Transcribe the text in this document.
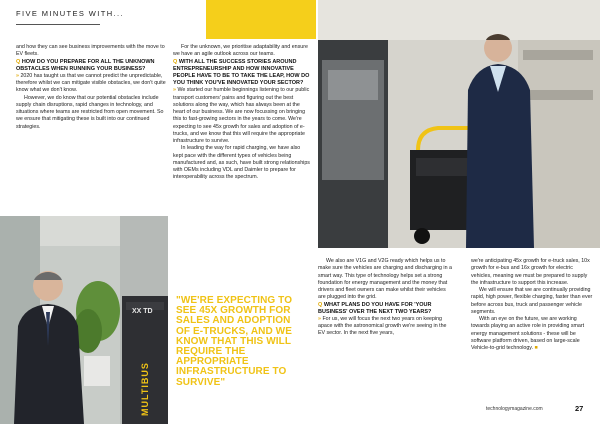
FIVE MINUTES WITH...

and how they can see business improvements with the move to EV fleets.

Q HOW DO YOU PREPARE FOR ALL THE UNKNOWN OBSTACLES WHEN RUNNING YOUR BUSINESS?

» 2020 has taught us that we cannot predict the unpredictable, therefore whilst we can mitigate visible obstacles, we don't quite know what we don't know.

However, we do know that our potential obstacles include supply chain disruptions, rapid changes in technology, and situations where teams are restricted from open movement. So we ensure that mitigating these is built into our continued strategies.

XX TD
MULTIBUS

For the unknown, we prioritise adaptability and ensure we have an agile outlook across our teams.

Q WITH ALL THE SUCCESS STORIES AROUND ENTREPRENEURSHIP AND HOW INNOVATIVE PEOPLE HAVE TO BE TO TAKE THE LEAP, HOW DO YOU THINK YOU'VE INNOVATED YOUR SECTOR?

» We started our humble beginnings listening to our public transport customers' pains and figuring out the best solutions along the way, which has always been at the heart of our business. We are now focussing on bringing this to fast-growing sectors in the years to come. We're expecting to see 45x growth for sales and adoption of e-trucks, and we know that this will require the appropriate infrastructure to survive.

In leading the way for rapid charging, we have also kept pace with the different types of vehicles being manufactured and, as such, have built strong relationships with OEMs including VDL and Daimler to prepare for interoperability across the spectrum.

"WE'RE EXPECTING TO SEE 45X GROWTH FOR SALES AND ADOPTION OF E-TRUCKS, AND WE KNOW THAT THIS WILL REQUIRE THE APPROPRIATE INFRASTRUCTURE TO SURVIVE"

We also are V1G and V2G ready which helps us to make sure the vehicles are charging and discharging in a smart way. This type of technology helps set a strong foundation for energy management and the money that drivers and fleet owners can make whilst their vehicles are plugged into the grid.

Q WHAT PLANS DO YOU HAVE FOR 'YOUR BUSINESS' OVER THE NEXT TWO YEARS?

» For us, we will focus the next two years on keeping apace with the astronomical growth we're seeing in the EV sector. In the next five years,

we're anticipating 45x growth for e-truck sales, 10x growth for e-bus and 16x growth for electric vehicles, meaning we must be prepared to supply the infrastructure to support this increase.

We will ensure that we are continually providing rapid, high power, flexible charging, faster than ever before across bus, truck and passenger vehicle segments.

With an eye on the future, we are working towards playing an active role in providing smart energy management solutions - these will be software platform driven, based on large-scale Vehicle-to-grid technology. ■

technologymagazine.com	27
